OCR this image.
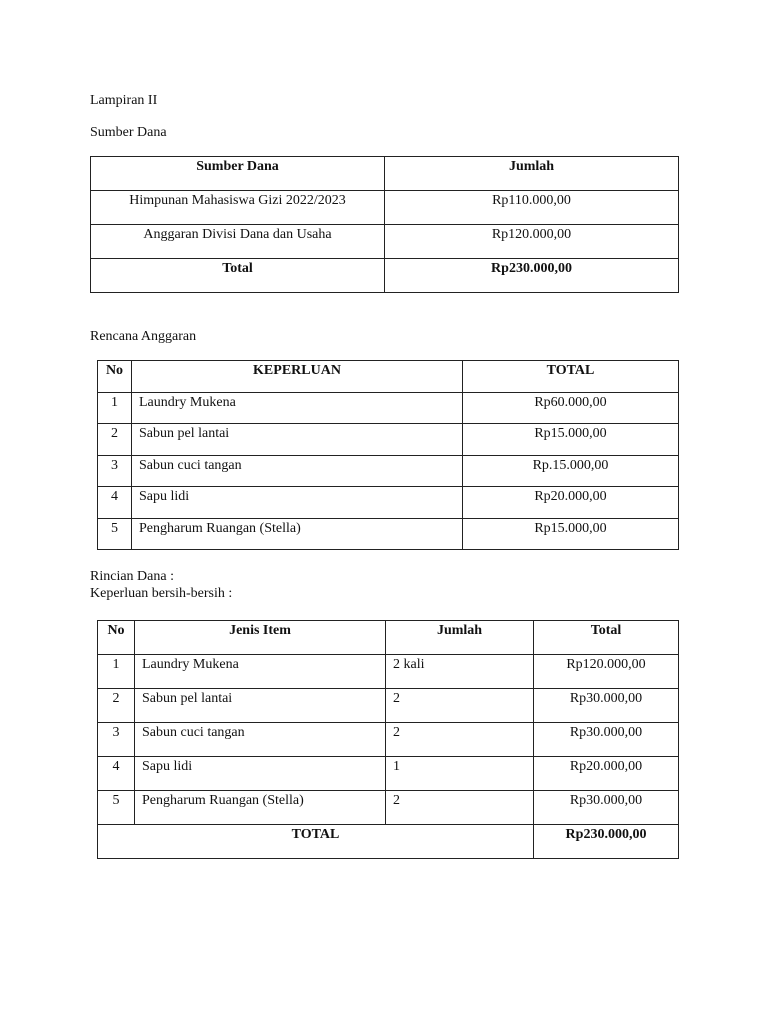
Lampiran II
Sumber Dana
Sumber Dana	Jumlah
Himpunan Mahasiswa Gizi 2022/2023	Rp110.000,00
Anggaran Divisi Dana dan Usaha	Rp120.000,00
Total	Rp230.000,00
Rencana Anggaran
No	KEPERLUAN	TOTAL
1	Laundry Mukena	Rp60.000,00
2	Sabun pel lantai	Rp15.000,00
3	Sabun cuci tangan	Rp.15.000,00
4	Sapu lidi	Rp20.000,00
5	Pengharum Ruangan (Stella)	Rp15.000,00
Rincian Dana :
Keperluan bersih-bersih :
No	Jenis Item	Jumlah	Total
1	Laundry Mukena	2 kali	Rp120.000,00
2	Sabun pel lantai	2	Rp30.000,00
3	Sabun cuci tangan	2	Rp30.000,00
4	Sapu lidi	1	Rp20.000,00
5	Pengharum Ruangan (Stella)	2	Rp30.000,00
TOTAL			Rp230.000,00
